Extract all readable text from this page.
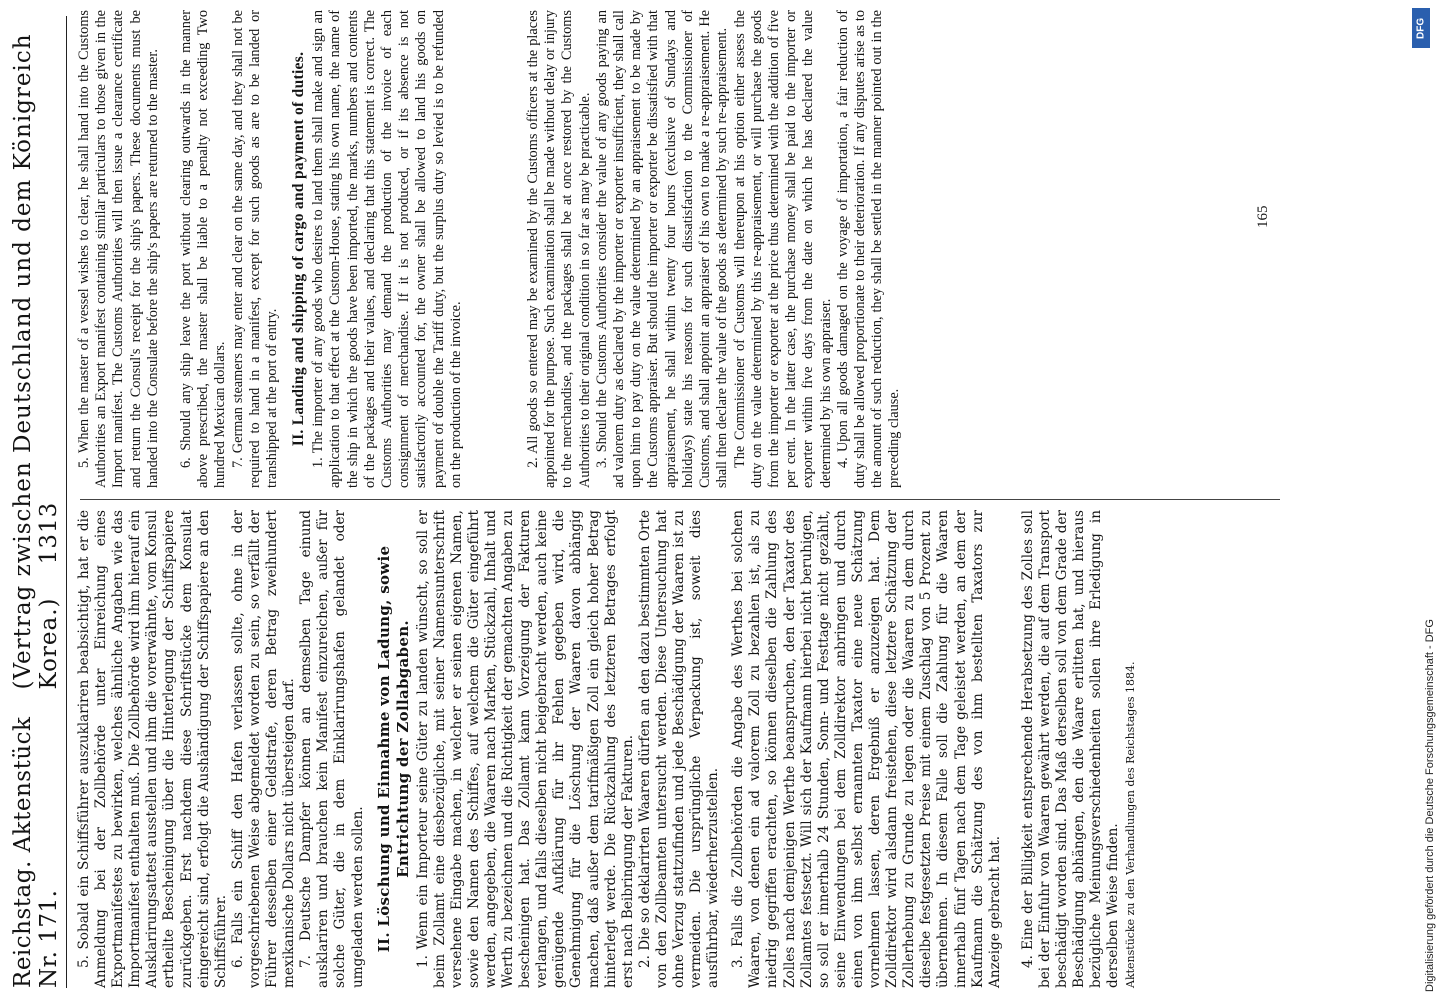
Reichstag. Aktenstück Nr. 171.
(Vertrag zwischen Deutschland und dem Königreich Korea.)    1313 5. Sobald ein Schiffsführer auszuklariren beabsichtigt, hat er die Anmeldung bei der Zollbehörde unter Einreichung eines Exportmanifestes zu bewirken, welches ähnliche Angaben wie das Importmanifest enthalten muß. Die Zollbehörde wird ihm hierauf ein Ausklarirungsattest ausstellen und ihm die vorerwähnte, vom Konsul ertheilte Bescheinigung über die Hinterlegung der Schiffspapiere zurückgeben. Erst nachdem diese Schriftstücke dem Konsulat eingereicht sind, erfolgt die Aushändigung der Schiffspapiere an den Schiffsführer. 6. Falls ein Schiff den Hafen verlassen sollte, ohne in der vorgeschriebenen Weise abgemeldet worden zu sein, so verfällt der Führer desselben einer Geldstrafe, deren Betrag zweihundert mexikanische Dollars nicht übersteigen darf. 7. Deutsche Dampfer können an demselben Tage einund ausklariren und brauchen kein Manifest einzureichen, außer für solche Güter, die in dem Einklarirungshafen gelandet oder umgeladen werden sollen. II. Löschung und Einnahme von Ladung, sowie Entrichtung der Zollabgaben. 1. Wenn ein Importeur seine Güter zu landen wünscht, so soll er beim Zollamt eine diesbezügliche, mit seiner Namensunterschrift versehene Eingabe machen, in welcher er seinen eigenen Namen, sowie den Namen des Schiffes, auf welchem die Güter eingeführt werden, angegeben, die Waaren nach Marken, Stückzahl, Inhalt und Werth zu bezeichnen und die Richtigkeit der gemachten Angaben zu bescheinigen hat. Das Zollamt kann Vorzeigung der Fakturen verlangen, und falls dieselben nicht beigebracht werden, auch keine genügende Aufklärung für ihr Fehlen gegeben wird, die Genehmigung für die Löschung der Waaren davon abhängig machen, daß außer dem tarifmäßigen Zoll ein gleich hoher Betrag hinterlegt werde. Die Rückzahlung des letzteren Betrages erfolgt erst nach Beibringung der Fakturen. 2. Die so deklarirten Waaren dürfen an den dazu bestimmten Orte von den Zollbeamten untersucht werden. Diese Untersuchung hat ohne Verzug stattzufinden und jede Beschädigung der Waaren ist zu vermeiden. Die ursprüngliche Verpackung ist, soweit dies ausführbar, wiederherzustellen. 3. Falls die Zollbehörden die Angabe des Werthes bei solchen Waaren, von denen ein ad valorem Zoll zu bezahlen ist, als zu niedrig gegriffen erachten, so können dieselben die Zahlung des Zolles nach demjenigen Werthe beanspruchen, den der Taxator des Zollamtes festsetzt. Will sich der Kaufmann hierbei nicht beruhigen, so soll er innerhalb 24 Stunden, Sonn- und Festtage nicht gezählt, seine Einwendungen bei dem Zolldirektor anbringen und durch einen von ihm selbst ernannten Taxator eine neue Schätzung vornehmen lassen, deren Ergebniß er anzuzeigen hat. Dem Zolldirektor wird alsdann freistehen, diese letztere Schätzung der Zollerhebung zu Grunde zu legen oder die Waaren zu dem durch dieselbe festgesetzten Preise mit einem Zuschlag von 5 Prozent zu übernehmen. In diesem Falle soll die Zahlung für die Waaren innerhalb fünf Tagen nach dem Tage geleistet werden, an dem der Kaufmann die Schätzung des von ihm bestellten Taxators zur Anzeige gebracht hat. 4. Eine der Billigkeit entsprechende Herabsetzung des Zolles soll bei der Einfuhr von Waaren gewährt werden, die auf dem Transport beschädigt worden sind. Das Maß derselben soll von dem Grade der Beschädigung abhängen, den die Waare erlitten hat, und hieraus bezügliche Meinungsverschiedenheiten sollen ihre Erledigung in derselben Weise finden. Aktenstücke zu den Verhandlungen des Reichstages 1884.

5. When the master of a vessel wishes to clear, he shall hand into the Customs Authorities an Export manifest containing similar particulars to those given in the Import manifest. The Customs Authorities will then issue a clearance certificate and return the Consul's receipt for the ship's papers. These documents must be handed into the Consulate before the ship's papers are returned to the master. 6. Should any ship leave the port without clearing outwards in the manner above prescribed, the master shall be liable to a penalty not exceeding Two hundred Mexican dollars. 7. German steamers may enter and clear on the same day, and they shall not be required to hand in a manifest, except for such goods as are to be landed or transhipped at the port of entry. II. Landing and shipping of cargo and payment of duties. 1. The importer of any goods who desires to land them shall make and sign an application to that effect at the Custom-House, stating his own name, the name of the ship in which the goods have been imported, the marks, numbers and contents of the packages and their values, and declaring that this statement is correct. The Customs Authorities may demand the production of the invoice of each consignment of merchandise. If it is not produced, or if its absence is not satisfactorily accounted for, the owner shall be allowed to land his goods on payment of double the Tariff duty, but the surplus duty so levied is to be refunded on the production of the invoice.	2. All goods so entered may be examined by the Customs officers at the places appointed for the purpose. Such examination shall be made without delay or injury to the merchandise, and the packages shall be at once restored by the Customs Authorities to their original condition in so far as may be practicable. 3. Should the Customs Authorities consider the value of any goods paying an ad valorem duty as declared by the importer or exporter insufficient, they shall call upon him to pay duty on the value determined by an appraisement to be made by the Customs appraiser. But should the importer or exporter be dissatisfied with that appraisement, he shall within twenty four hours (exclusive of Sundays and holidays) state his reasons for such dissatisfaction to the Commissioner of Customs, and shall appoint an appraiser of his own to make a re-appraisement. He shall then declare the value of the goods as determined by such re-appraisement. The Commissioner of Customs will thereupon at his option either assess the duty on the value determined by this re-appraisement, or will purchase the goods from the importer or exporter at the price thus determined with the addition of five per cent. In the latter case, the purchase money shall be paid to the importer or exporter within five days from the date on which he has declared the value determined by his own appraiser. 4. Upon all goods damaged on the voyage of importation, a fair reduction of duty shall be allowed proportionate to their deterioration. If any disputes arise as to the amount of such reduction, they shall be settled in the manner pointed out in the preceding clause.

165
DFG
Digitalisierung gefördert durch die Deutsche Forschungsgemeinschaft - DFG
